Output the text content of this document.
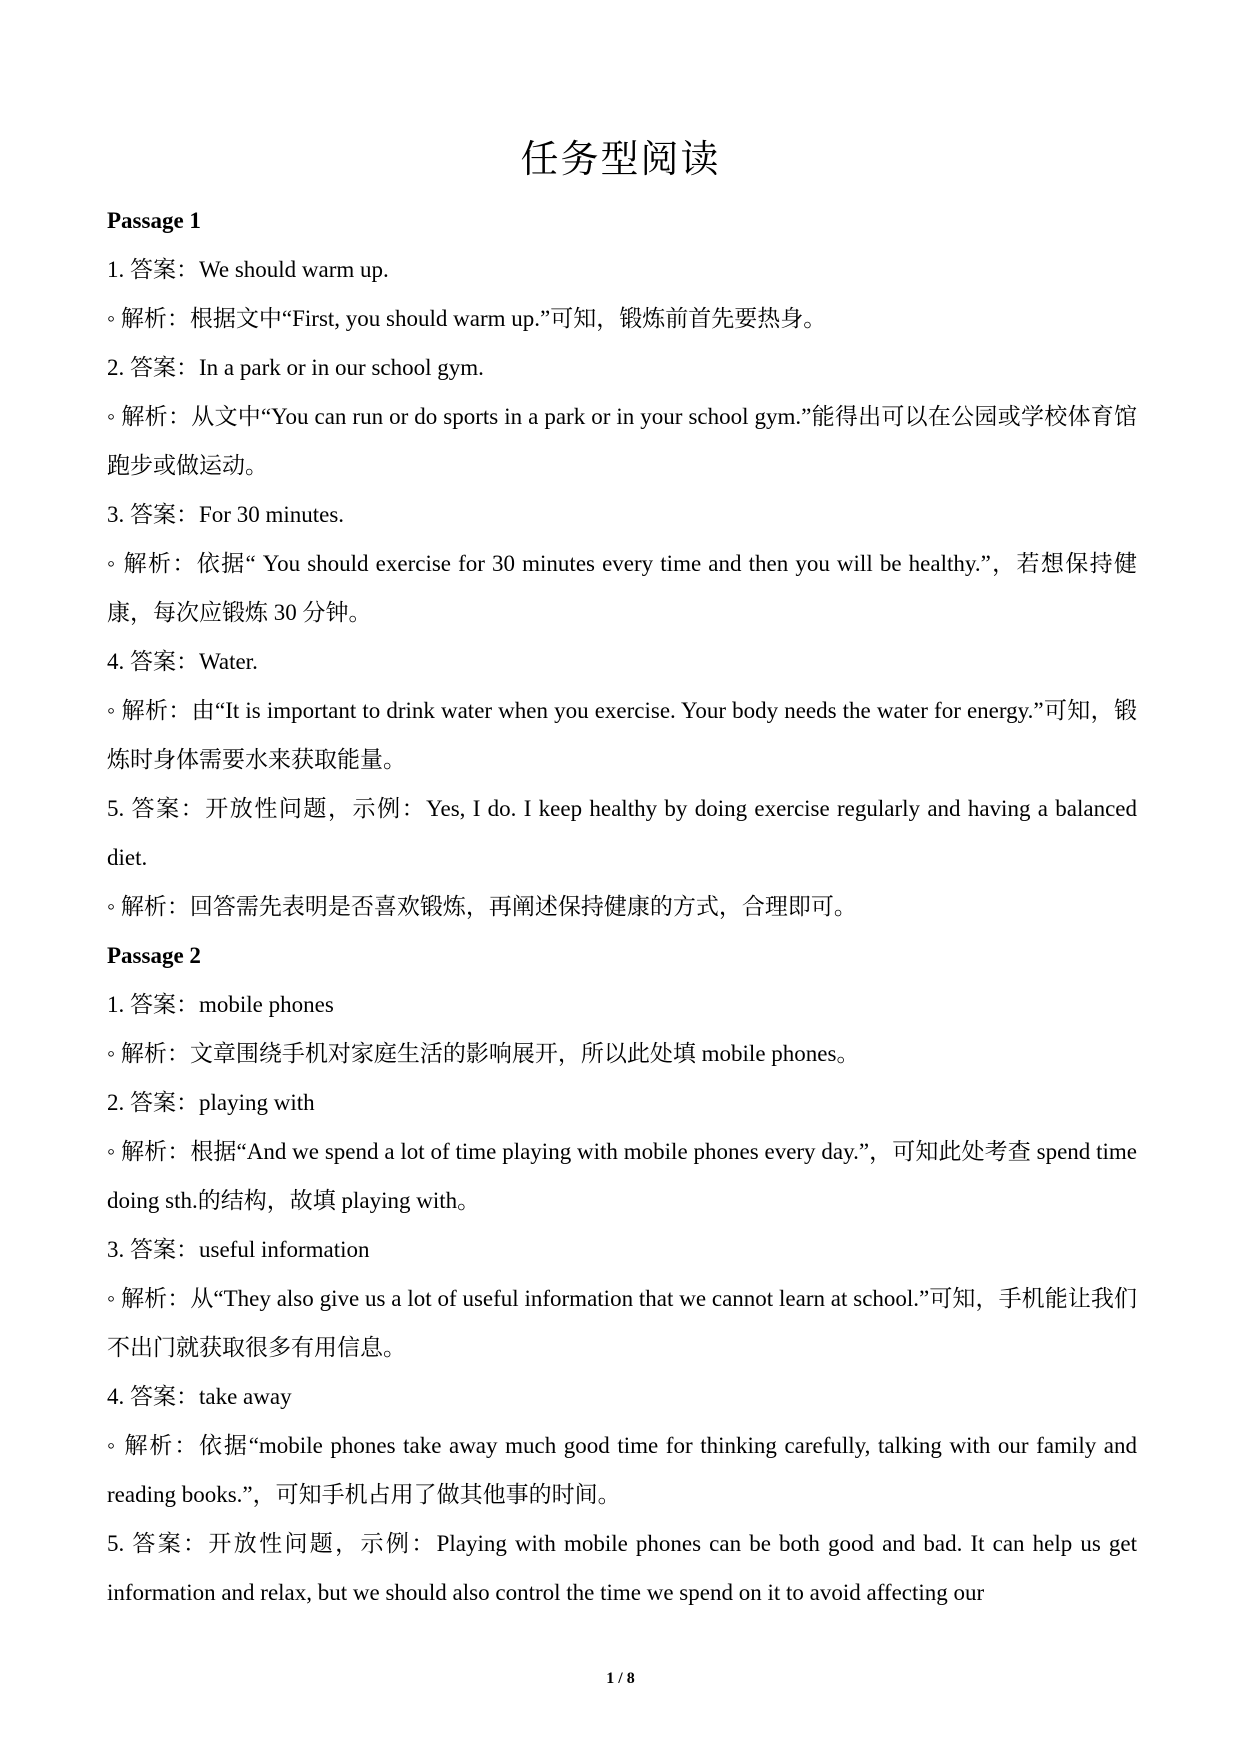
任务型阅读
Passage 1
1. 答案：We should warm up.
◦ 解析：根据文中“First, you should warm up.”可知，锻炼前首先要热身。
2. 答案：In a park or in our school gym.
◦ 解析：从文中“You can run or do sports in a park or in your school gym.”能得出可以在公园或学校体育馆跑步或做运动。
3. 答案：For 30 minutes.
◦ 解析：依据“ You should exercise for 30 minutes every time and then you will be healthy.”，若想保持健康，每次应锻炼 30 分钟。
4. 答案：Water.
◦ 解析：由“It is important to drink water when you exercise. Your body needs the water for energy.”可知，锻炼时身体需要水来获取能量。
5. 答案：开放性问题，示例：Yes, I do. I keep healthy by doing exercise regularly and having a balanced diet.
◦ 解析：回答需先表明是否喜欢锻炼，再阐述保持健康的方式，合理即可。
Passage 2
1. 答案：mobile phones
◦ 解析：文章围绕手机对家庭生活的影响展开，所以此处填 mobile phones。
2. 答案：playing with
◦ 解析：根据“And we spend a lot of time playing with mobile phones every day.”，可知此处考查 spend time doing sth.的结构，故填 playing with。
3. 答案：useful information
◦ 解析：从“They also give us a lot of useful information that we cannot learn at school.”可知，手机能让我们不出门就获取很多有用信息。
4. 答案：take away
◦ 解析：依据“mobile phones take away much good time for thinking carefully, talking with our family and reading books.”，可知手机占用了做其他事的时间。
5. 答案：开放性问题，示例：Playing with mobile phones can be both good and bad. It can help us get information and relax, but we should also control the time we spend on it to avoid affecting our
1 / 8
